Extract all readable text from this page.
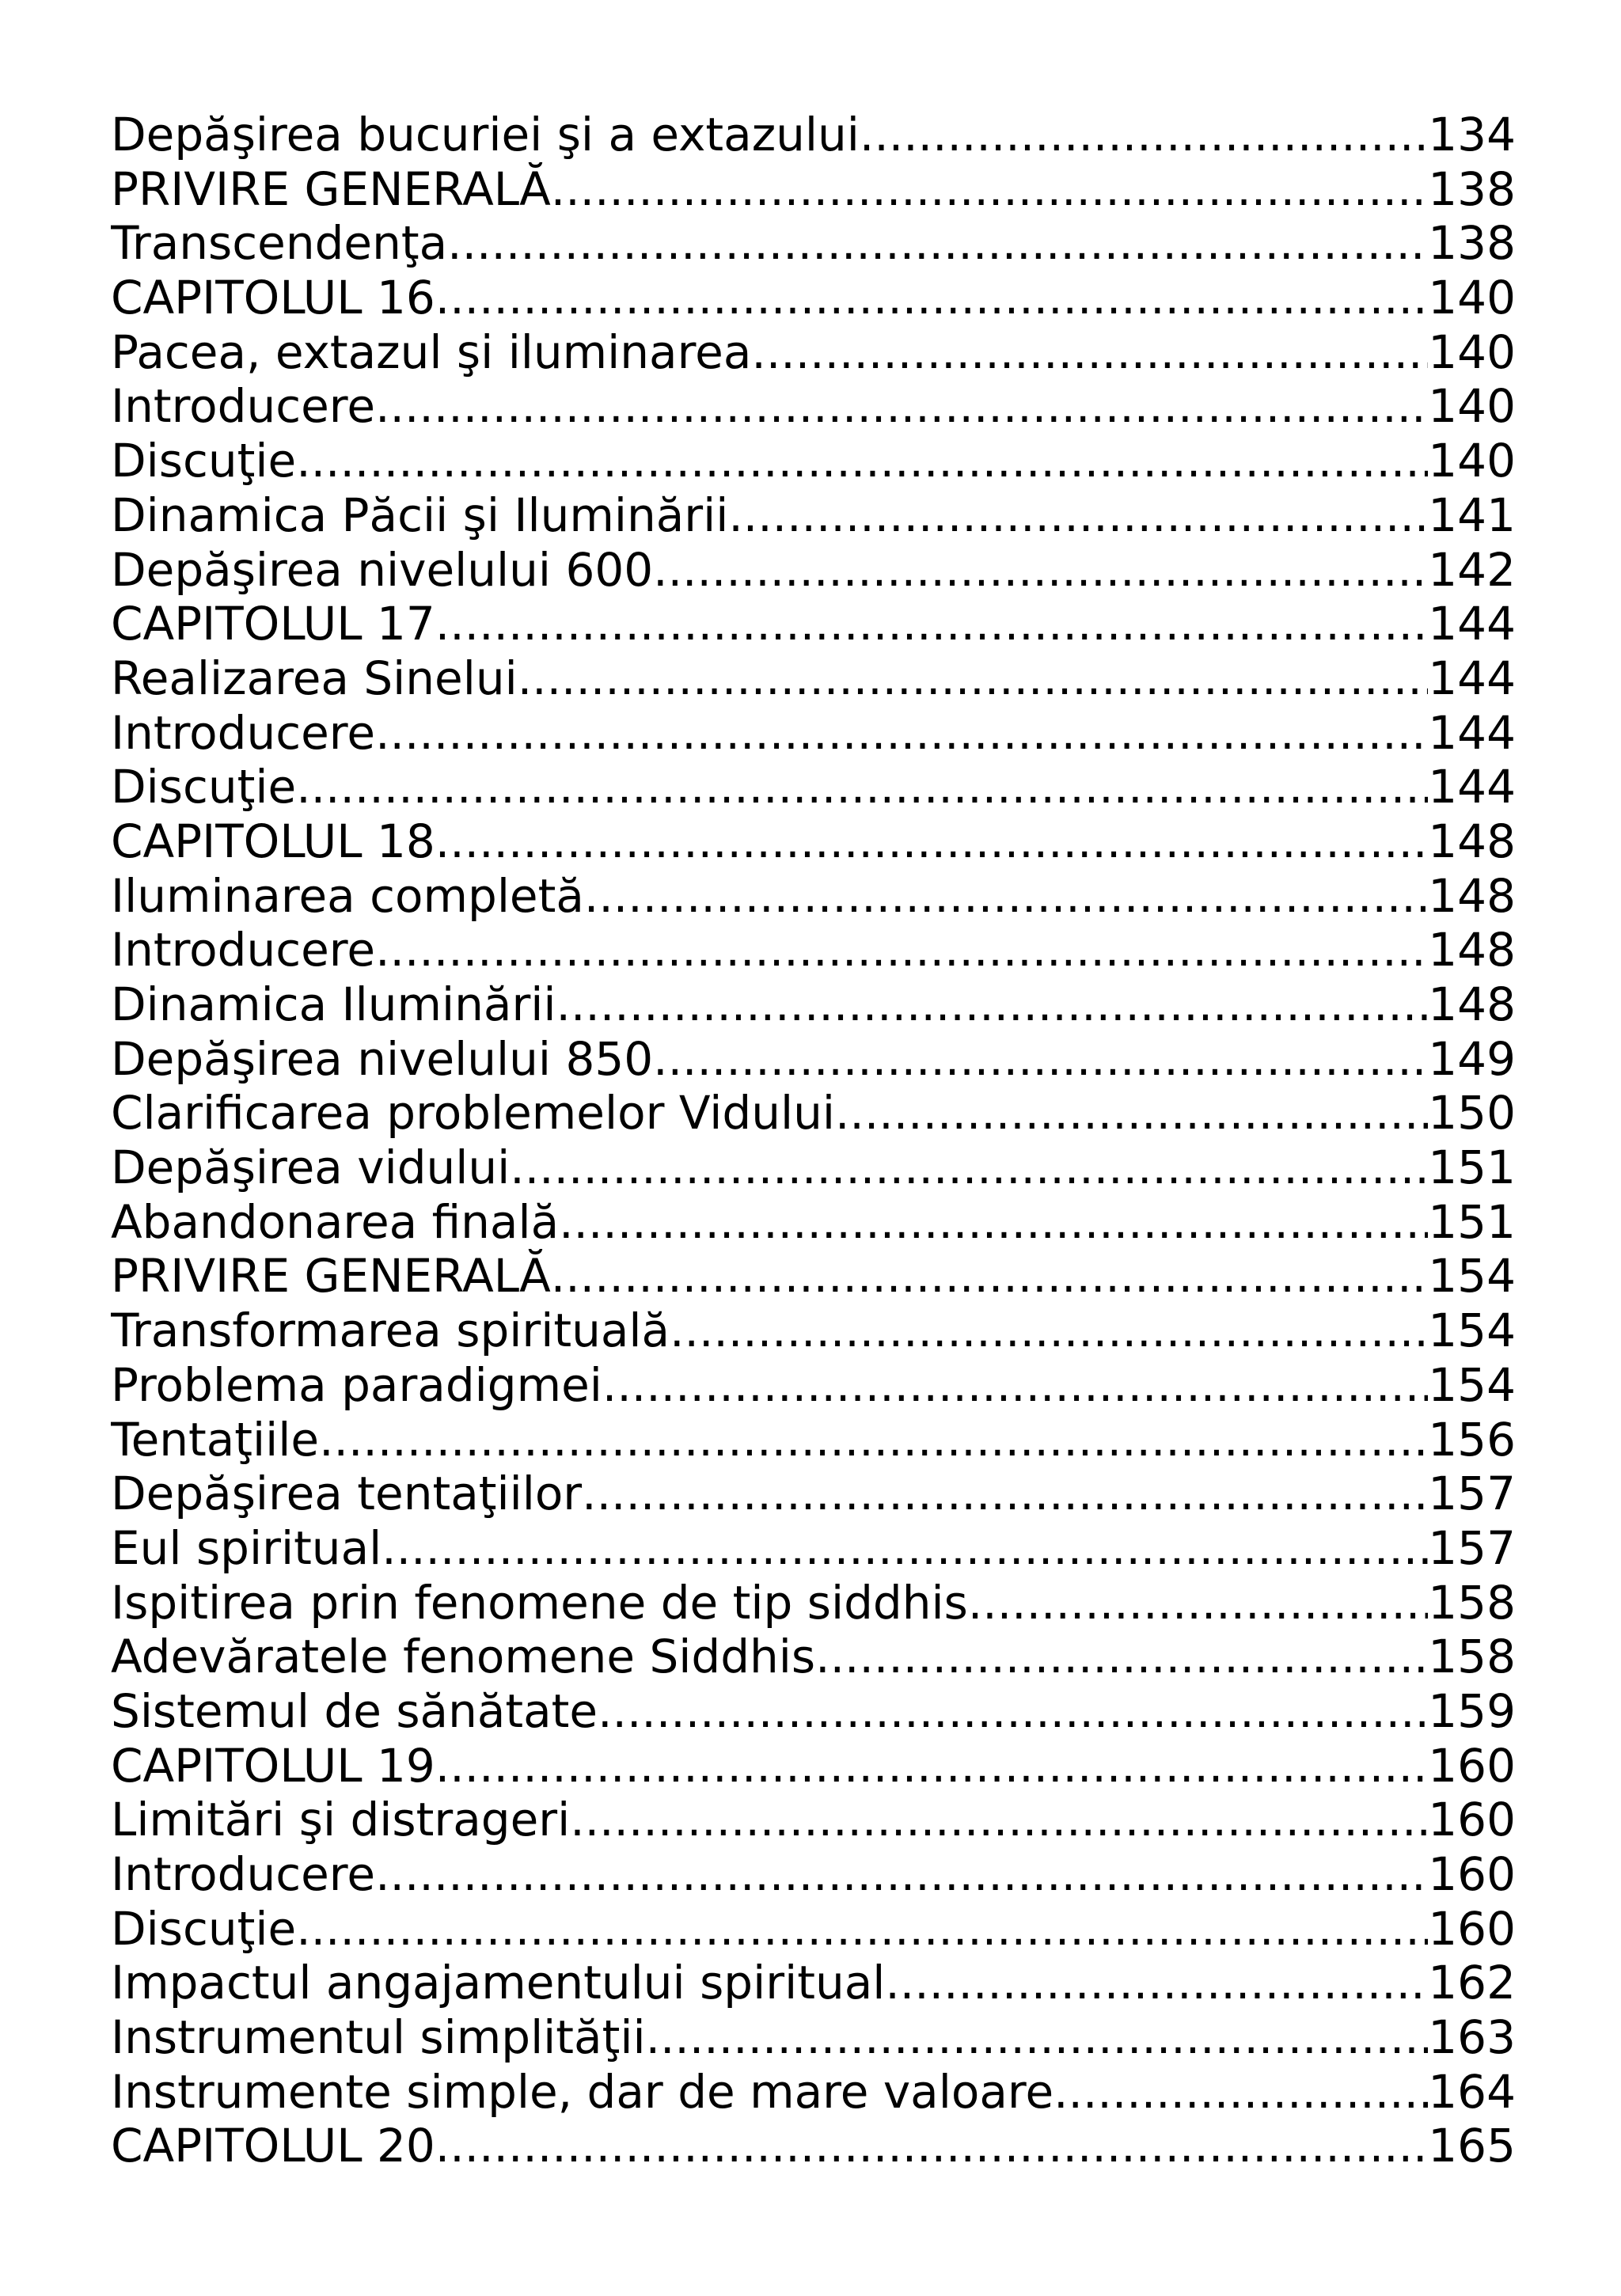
Depăşirea bucuriei şi a extazului .....	134
PRIVIRE GENERALĂ .....	138
Transcendenţa .....	138
CAPITOLUL 16 .....	140
Pacea, extazul şi iluminarea .....	140
Introducere .....	140
Discuţie .....	140
Dinamica Păcii şi Iluminării .....	141
Depăşirea nivelului 600 .....	142
CAPITOLUL 17 .....	144
Realizarea Sinelui .....	144
Introducere .....	144
Discuţie .....	144
CAPITOLUL 18 .....	148
Iluminarea completă .....	148
Introducere .....	148
Dinamica Iluminării .....	148
Depăşirea nivelului 850 .....	149
Clarificarea problemelor Vidului .....	150
Depăşirea vidului .....	151
Abandonarea finală .....	151
PRIVIRE GENERALĂ .....	154
Transformarea spirituală .....	154
Problema paradigmei .....	154
Tentaţiile .....	156
Depăşirea tentaţiilor .....	157
Eul spiritual .....	157
Ispitirea prin fenomene de tip siddhis .....	158
Adevăratele fenomene Siddhis .....	158
Sistemul de sănătate .....	159
CAPITOLUL 19 .....	160
Limitări şi distrageri .....	160
Introducere .....	160
Discuţie .....	160
Impactul angajamentului spiritual .....	162
Instrumentul simplităţii .....	163
Instrumente simple, dar de mare valoare .....	164
CAPITOLUL 20 .....	165
